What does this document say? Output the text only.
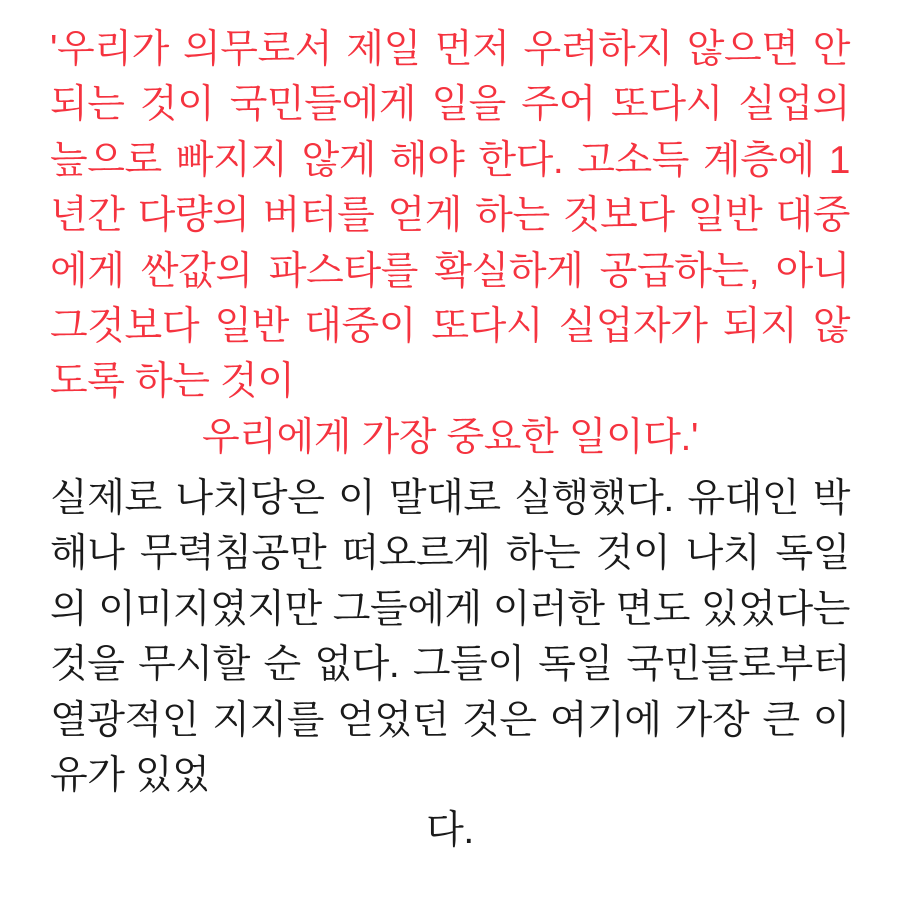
'우리가 의무로서 제일 먼저 우려하지 않으면 안 되는 것이 국민들에게 일을 주어 또다시 실업의 늪으로 빠지지 않게 해야 한다. 고소득 계층에 1년간 다량의 버터를 얻게 하는 것보다 일반 대중에게 싼값의 파스타를 확실하게 공급하는, 아니 그것보다 일반 대중이 또다시 실업자가 되지 않도록 하는 것이
우리에게 가장 중요한 일이다.'
실제로 나치당은 이 말대로 실행했다. 유대인 박해나 무력침공만 떠오르게 하는 것이 나치 독일의 이미지였지만 그들에게 이러한 면도 있었다는 것을 무시할 순 없다. 그들이 독일 국민들로부터 열광적인 지지를 얻었던 것은 여기에 가장 큰 이유가 있었
다.
